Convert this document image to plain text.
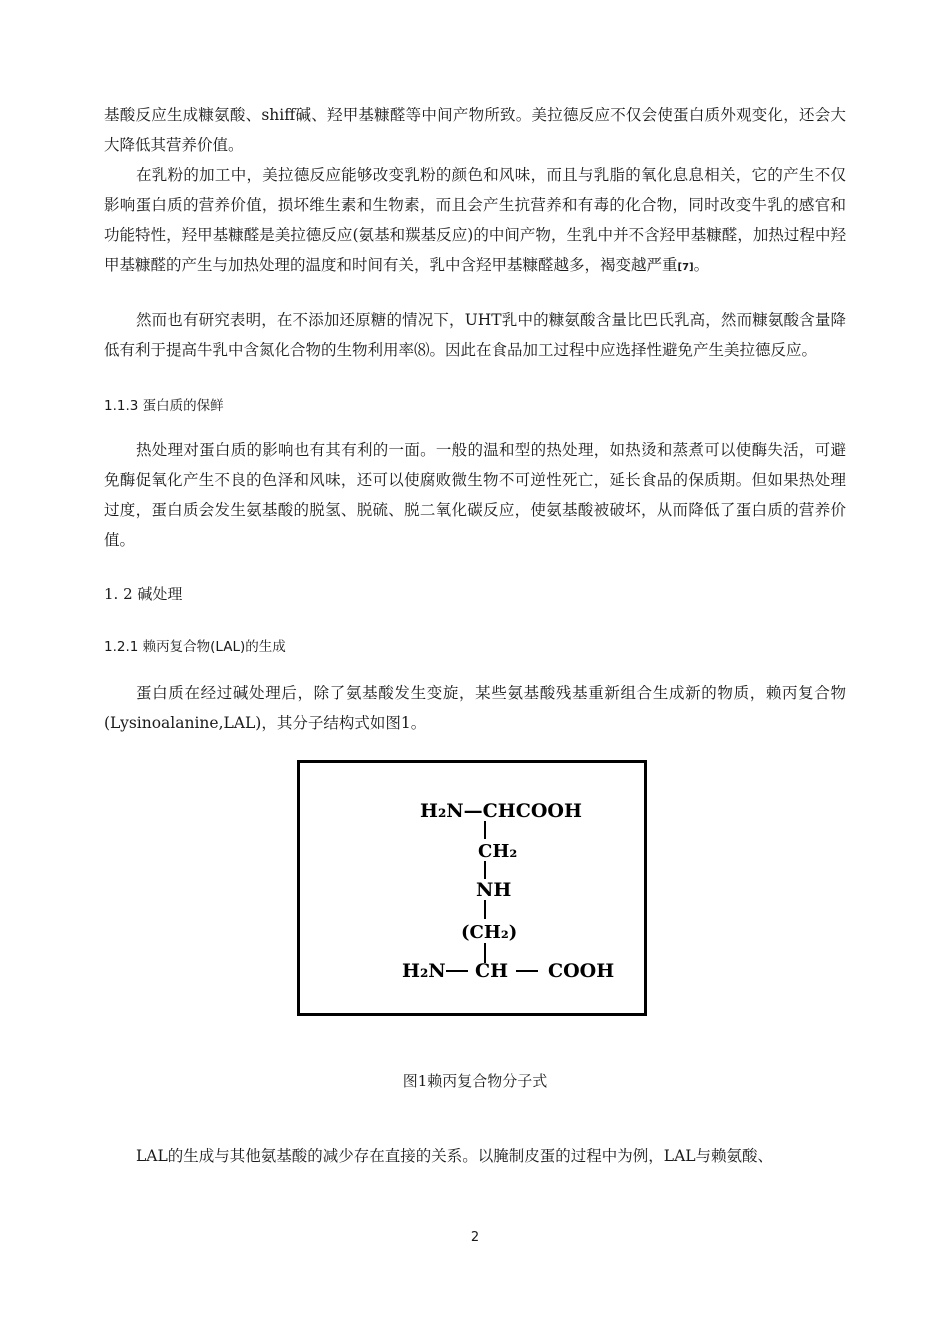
基酸反应生成糠氨酸、shiff碱、羟甲基糠醛等中间产物所致。美拉德反应不仅会使蛋白质外观变化，还会大大降低其营养价值。
在乳粉的加工中，美拉德反应能够改变乳粉的颜色和风味，而且与乳脂的氧化息息相关，它的产生不仅影响蛋白质的营养价值，损坏维生素和生物素，而且会产生抗营养和有毒的化合物，同时改变牛乳的感官和功能特性，羟甲基糠醛是美拉德反应(氨基和羰基反应)的中间产物，生乳中并不含羟甲基糠醛，加热过程中羟甲基糠醛的产生与加热处理的温度和时间有关，乳中含羟甲基糠醛越多，褐变越严重[7]。
然而也有研究表明，在不添加还原糖的情况下，UHT乳中的糠氨酸含量比巴氏乳高，然而糠氨酸含量降低有利于提高牛乳中含氮化合物的生物利用率⑻。因此在食品加工过程中应选择性避免产生美拉德反应。
1.1.3 蛋白质的保鲜
热处理对蛋白质的影响也有其有利的一面。一般的温和型的热处理，如热烫和蒸煮可以使酶失活，可避免酶促氧化产生不良的色泽和风味，还可以使腐败微生物不可逆性死亡，延长食品的保质期。但如果热处理过度，蛋白质会发生氨基酸的脱氢、脱硫、脱二氧化碳反应，使氨基酸被破坏，从而降低了蛋白质的营养价值。
1. 2 碱处理
1.2.1 赖丙复合物(LAL)的生成
蛋白质在经过碱处理后，除了氨基酸发生变旋，某些氨基酸残基重新组合生成新的物质，赖丙复合物(Lysinoalanine,LAL)，其分子结构式如图1。
H₂N—CHCOOH
CH₂
NH
(CH₂)
H₂N CH COOH
图1赖丙复合物分子式
LAL的生成与其他氨基酸的减少存在直接的关系。以腌制皮蛋的过程中为例，LAL与赖氨酸、
2
